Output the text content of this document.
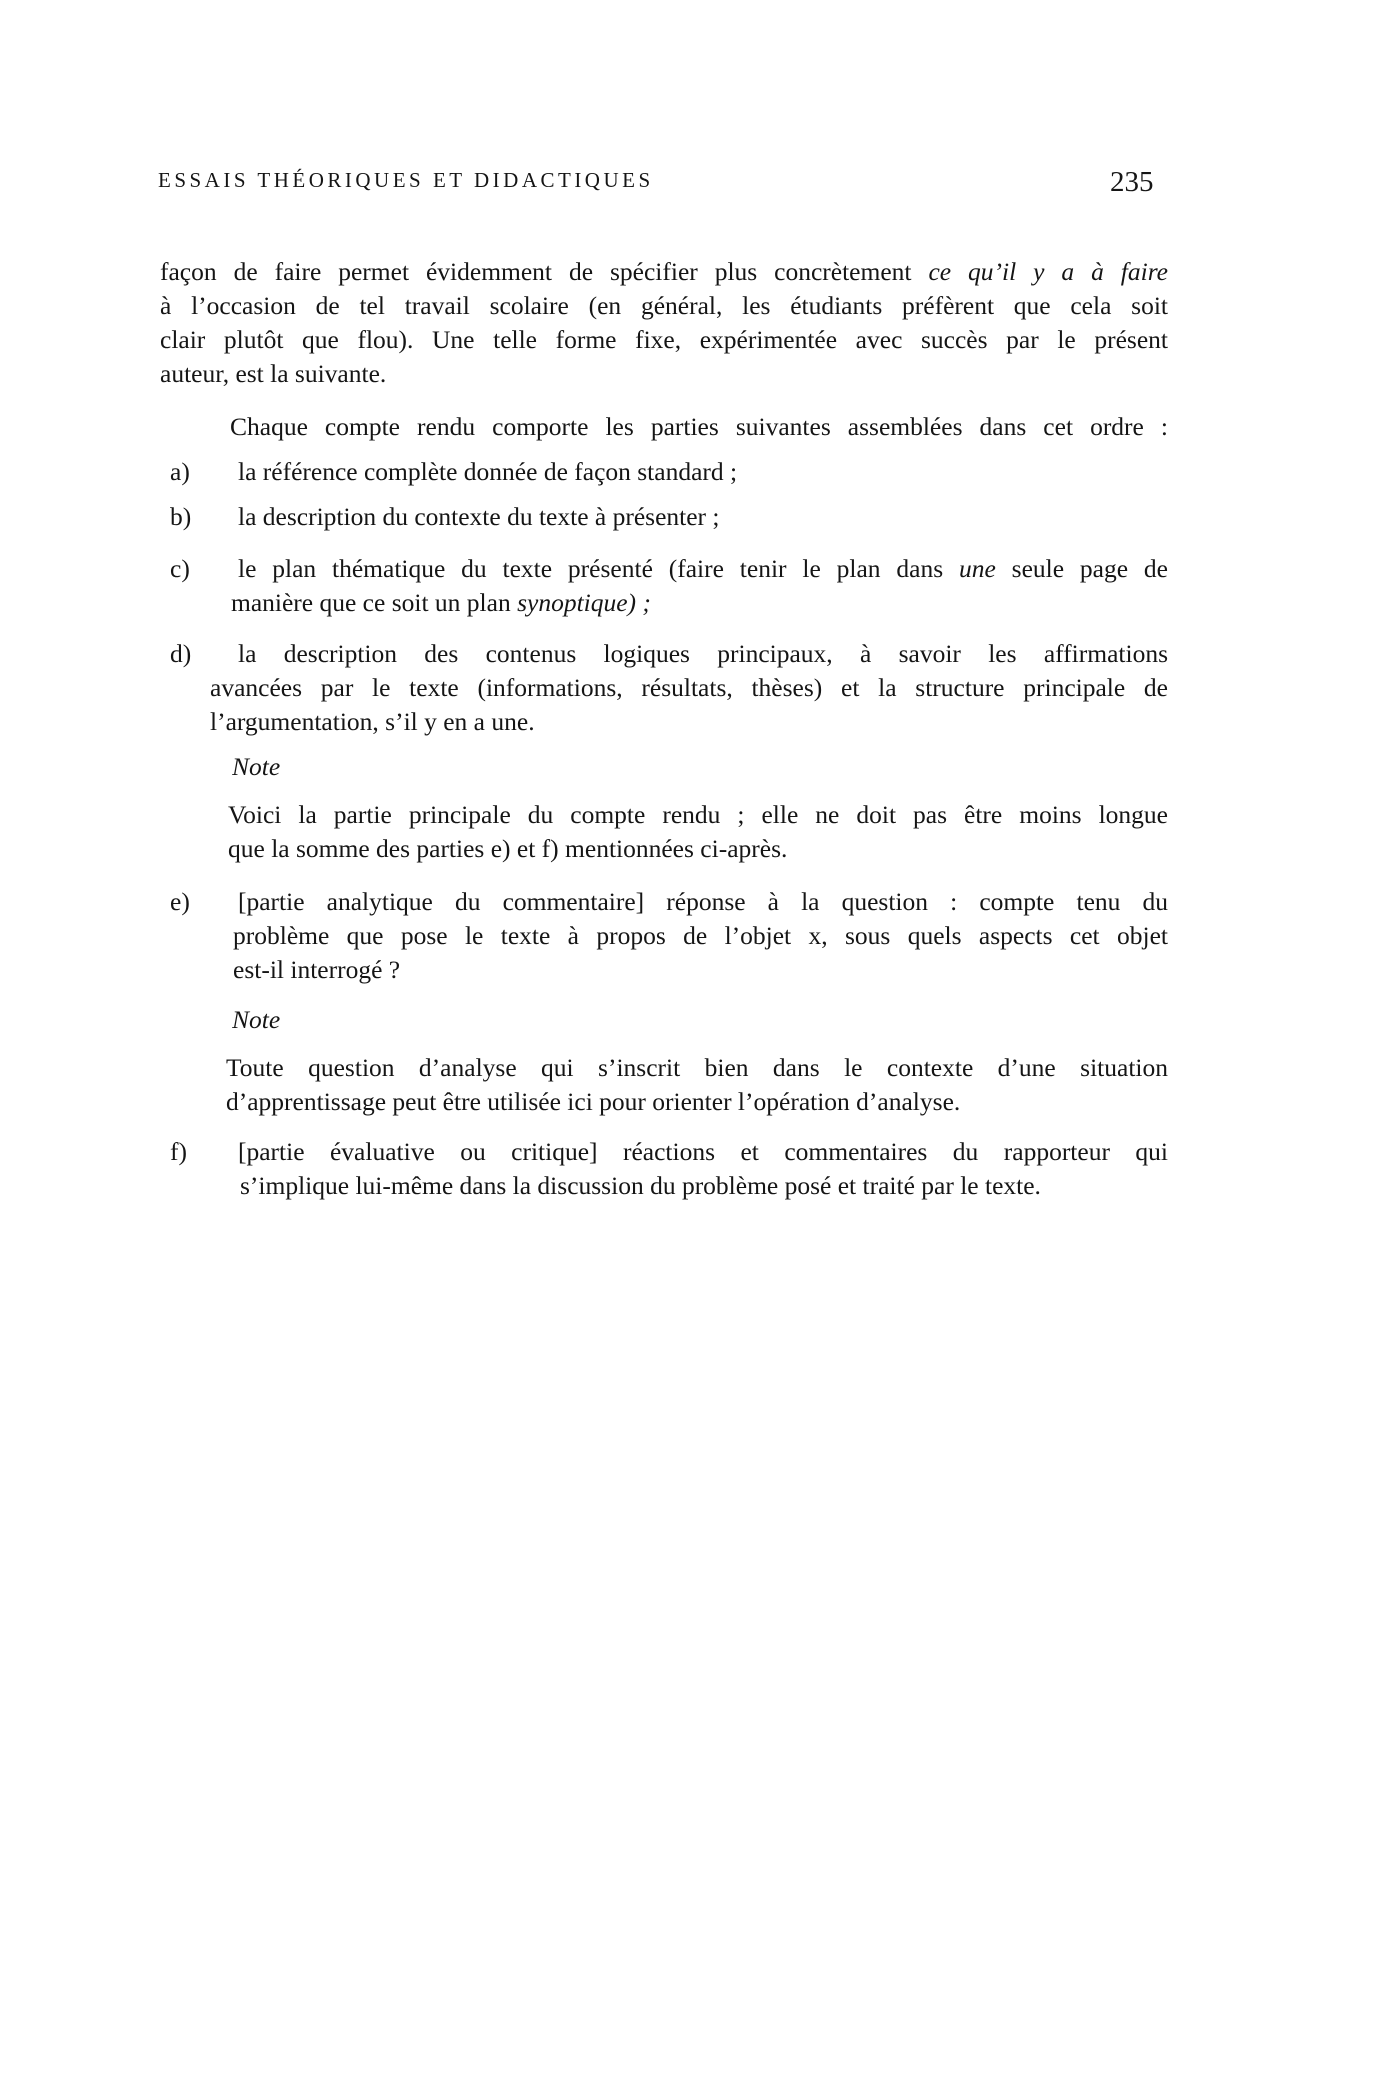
ESSAIS THÉORIQUES ET DIDACTIQUES	235
façon de faire permet évidemment de spécifier plus concrètement ce qu’il y a à faire
à l’occasion de tel travail scolaire (en général, les étudiants préfèrent que cela soit
clair plutôt que flou). Une telle forme fixe, expérimentée avec succès par le présent
auteur, est la suivante.
Chaque compte rendu comporte les parties suivantes assemblées dans cet ordre :
a) la référence complète donnée de façon standard ;
b) la description du contexte du texte à présenter ;
c) le plan thématique du texte présenté (faire tenir le plan dans une seule page de
manière que ce soit un plan synoptique) ;
d) la description des contenus logiques principaux, à savoir les affirmations
avancées par le texte (informations, résultats, thèses) et la structure principale de
l’argumentation, s’il y en a une.
Note
Voici la partie principale du compte rendu ; elle ne doit pas être moins longue
que la somme des parties e) et f) mentionnées ci-après.
e) [partie analytique du commentaire] réponse à la question : compte tenu du
problème que pose le texte à propos de l’objet x, sous quels aspects cet objet
est-il interrogé ?
Note
Toute question d’analyse qui s’inscrit bien dans le contexte d’une situation
d’apprentissage peut être utilisée ici pour orienter l’opération d’analyse.
f) [partie évaluative ou critique] réactions et commentaires du rapporteur qui
s’implique lui-même dans la discussion du problème posé et traité par le texte.
